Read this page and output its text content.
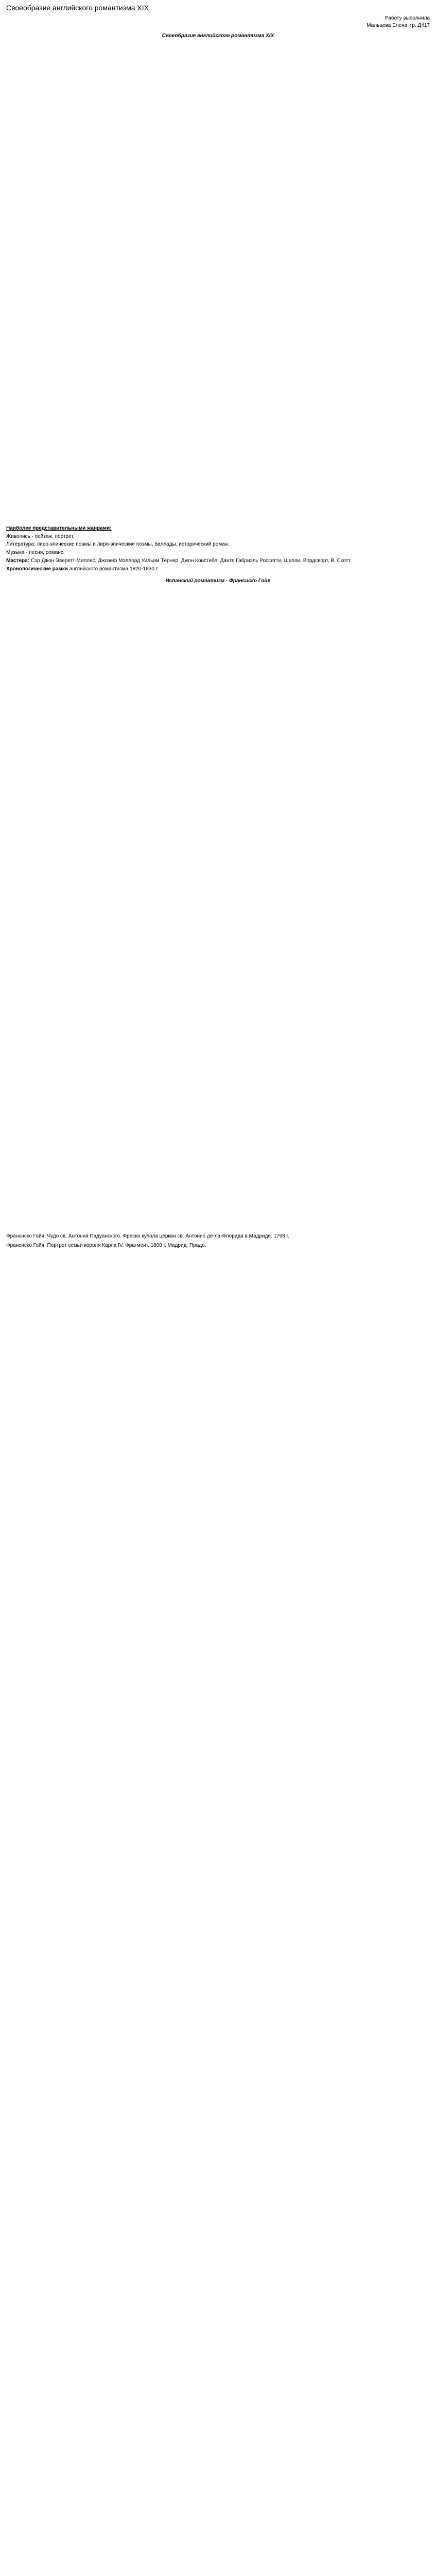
Своеобразие английского романтизма XIX
Работу выполнила
Мальцева Елена, гр. Д417
Своеобразие английского романтизма XIX

Наиболее представительными жанрами:

Живопись - пейзаж, портрет.

Литература: лиро-эпические поэмы и лиро-эпические поэмы, баллады, исторический роман.

Музыка - песня, романс.

Мастера: Сэр Джон Эверетт Миллес, Джозеф Мэллорд Уильям Тёрнер, Джон Констебл, Данте Габриэль Россетти, Шелли, Вордсворт, В. Скотт.

Хронологические рамки английского романтизма 1820-1830 г.

Испанский романтизм - Франсиско Гойя

Франсиско Гойя. Чудо св. Антония Падуанского. Фреска купола церкви св. Антонио де-ла-Флорида в Мадриде. 1798 г.

Франсиско Гойя. Портрет семьи короля Карла IV. Фрагмент. 1800 г. Мадрид, Прадо.
